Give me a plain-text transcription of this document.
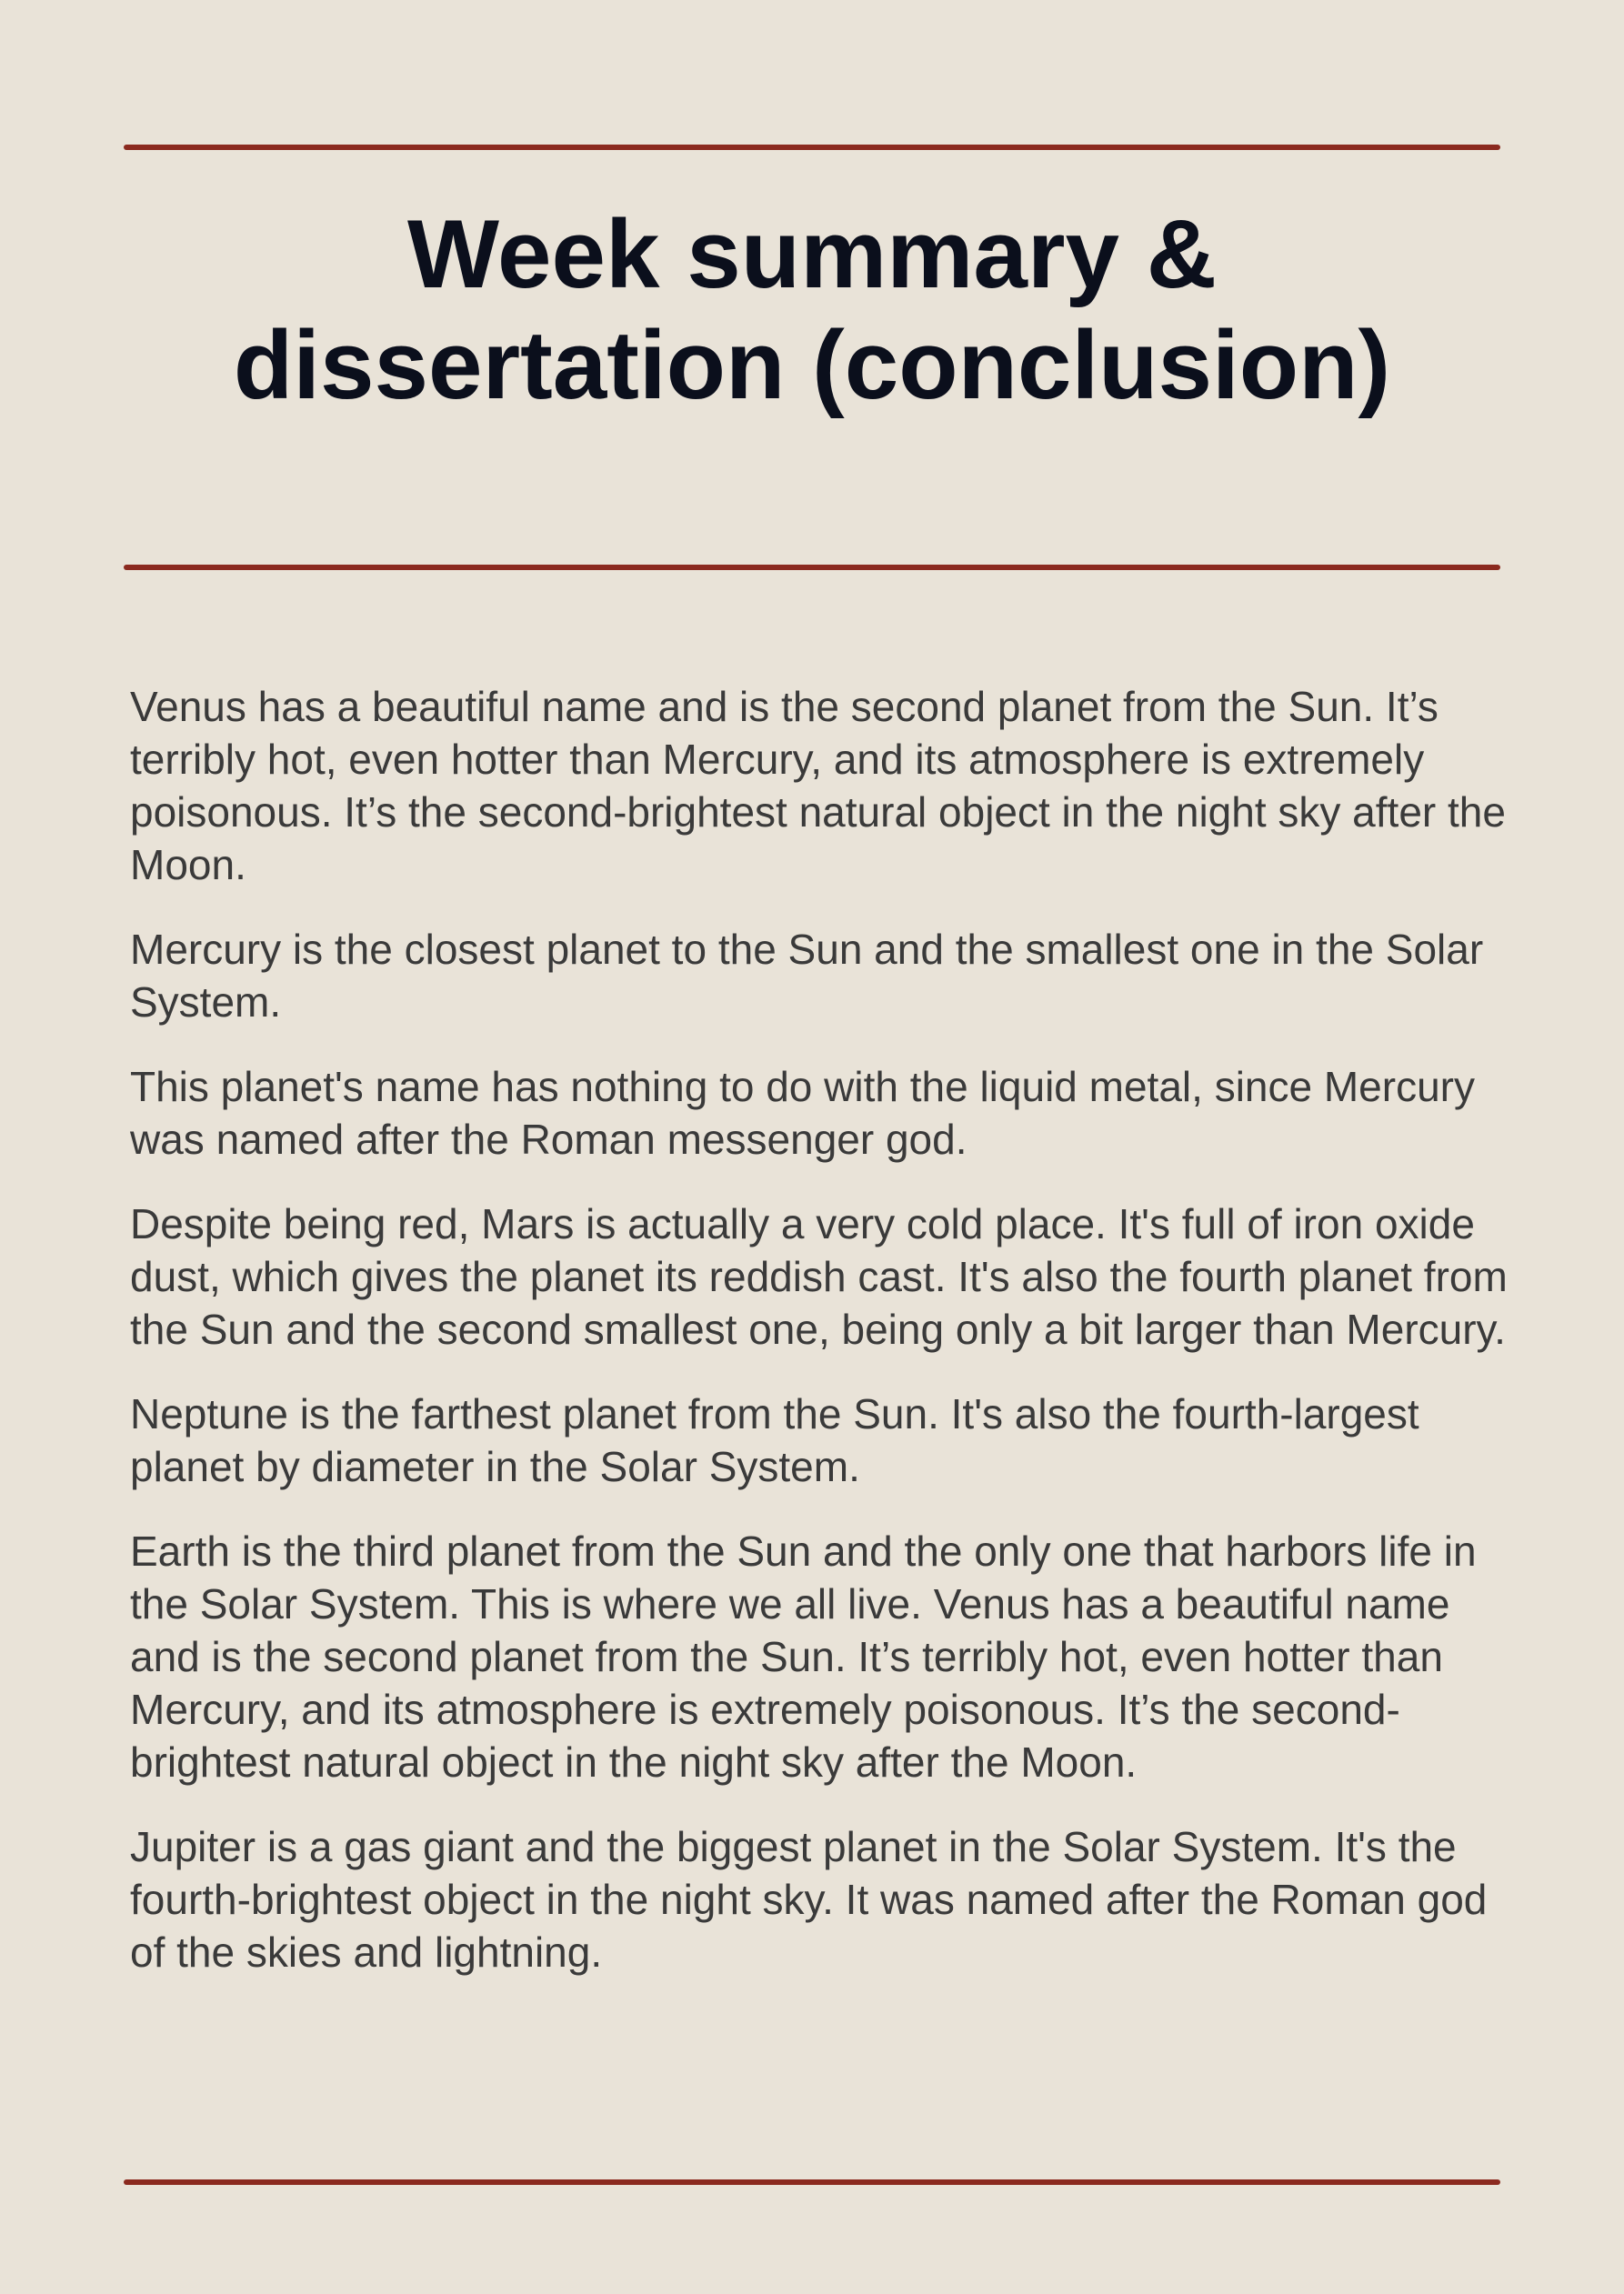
Week summary & dissertation (conclusion)

Venus has a beautiful name and is the second planet from the Sun. It’s terribly hot, even hotter than Mercury, and its atmosphere is extremely poisonous. It’s the second-brightest natural object in the night sky after the Moon.

Mercury is the closest planet to the Sun and the smallest one in the Solar System.

This planet's name has nothing to do with the liquid metal, since Mercury was named after the Roman messenger god.

Despite being red, Mars is actually a very cold place. It's full of iron oxide dust, which gives the planet its reddish cast. It's also the fourth planet from the Sun and the second smallest one, being only a bit larger than Mercury.

Neptune is the farthest planet from the Sun. It's also the fourth-largest planet by diameter in the Solar System.

Earth is the third planet from the Sun and the only one that harbors life in the Solar System. This is where we all live. Venus has a beautiful name and is the second planet from the Sun. It’s terribly hot, even hotter than Mercury, and its atmosphere is extremely poisonous. It’s the second-brightest natural object in the night sky after the Moon.

Jupiter is a gas giant and the biggest planet in the Solar System. It's the fourth-brightest object in the night sky. It was named after the Roman god of the skies and lightning.
